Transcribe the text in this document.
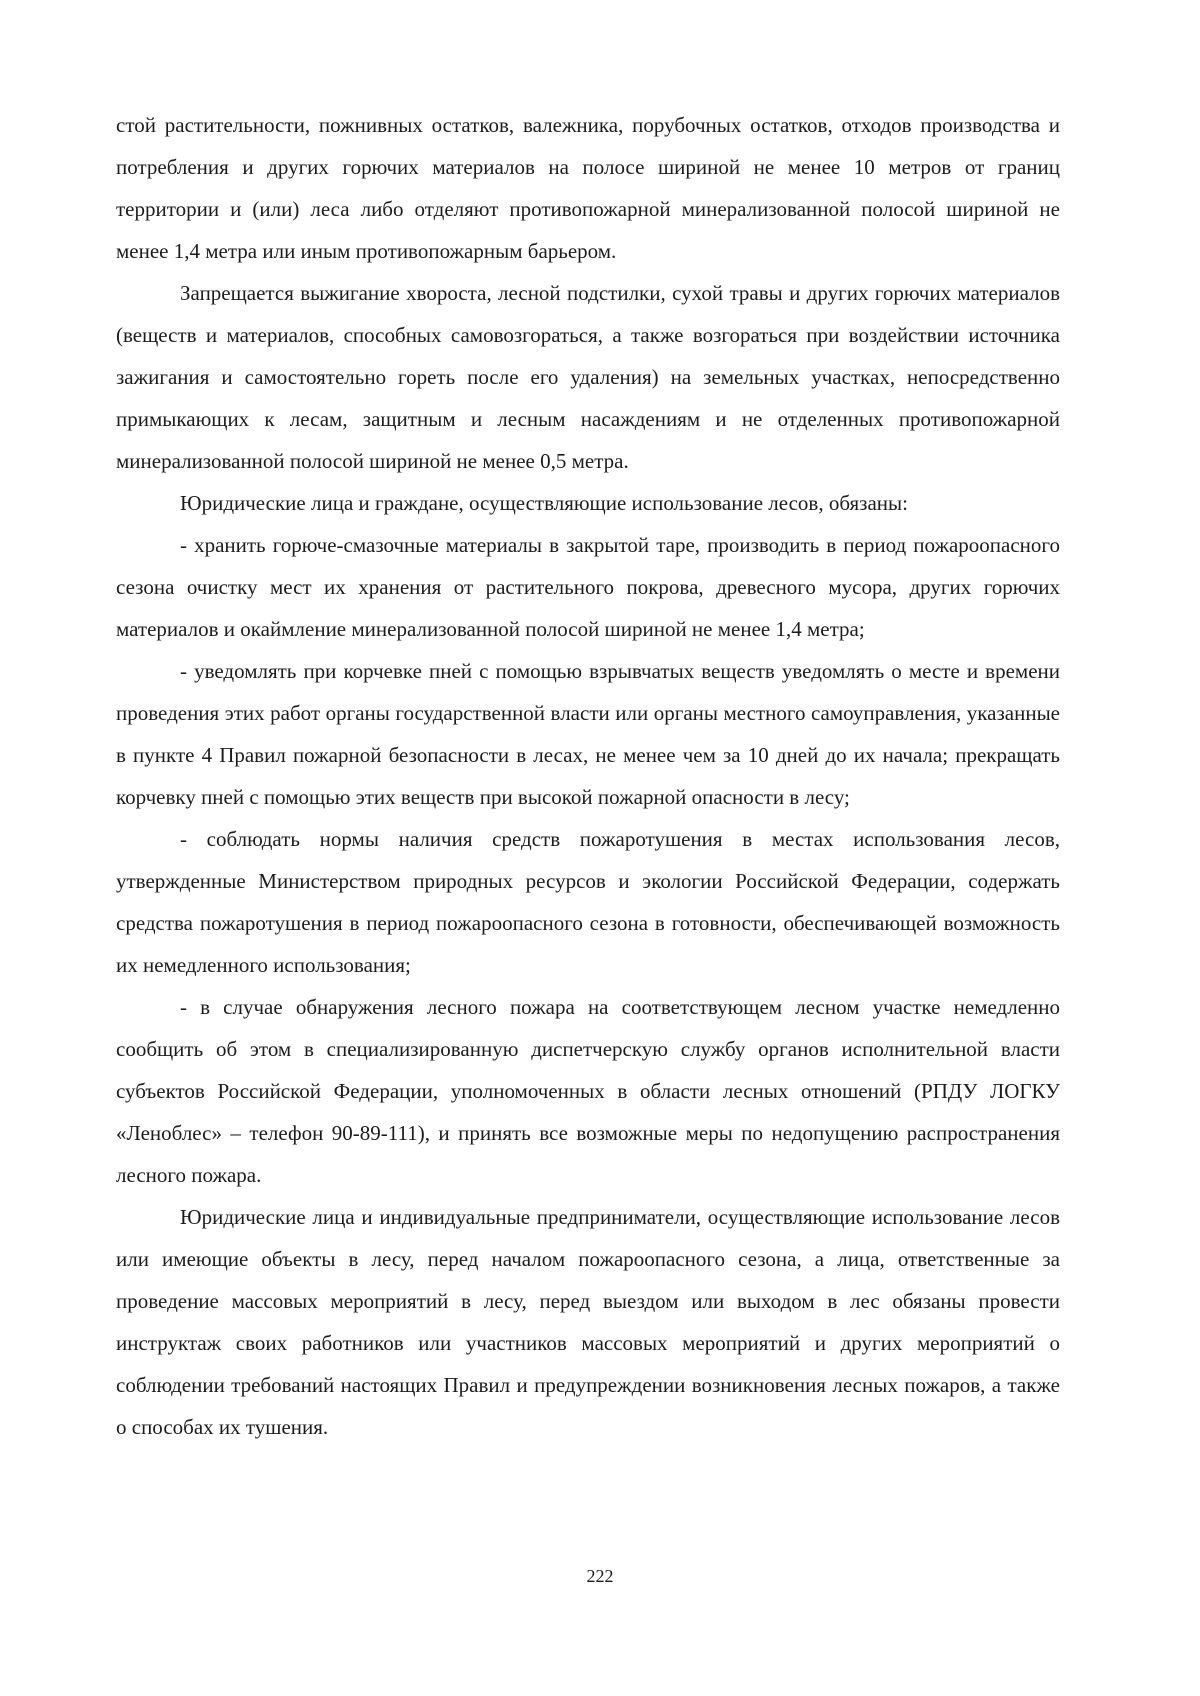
стой растительности, пожнивных остатков, валежника, порубочных остатков, отходов производства и потребления и других горючих материалов на полосе шириной не менее 10 метров от границ территории и (или) леса либо отделяют противопожарной минерализованной полосой шириной не менее 1,4 метра или иным противопожарным барьером.

Запрещается выжигание хвороста, лесной подстилки, сухой травы и других горючих материалов (веществ и материалов, способных самовозгораться, а также возгораться при воздействии источника зажигания и самостоятельно гореть после его удаления) на земельных участках, непосредственно примыкающих к лесам, защитным и лесным насаждениям и не отделенных противопожарной минерализованной полосой шириной не менее 0,5 метра.

Юридические лица и граждане, осуществляющие использование лесов, обязаны:

- хранить горюче-смазочные материалы в закрытой таре, производить в период пожароопасного сезона очистку мест их хранения от растительного покрова, древесного мусора, других горючих материалов и окаймление минерализованной полосой шириной не менее 1,4 метра;

- уведомлять при корчевке пней с помощью взрывчатых веществ уведомлять о месте и времени проведения этих работ органы государственной власти или органы местного самоуправления, указанные в пункте 4 Правил пожарной безопасности в лесах, не менее чем за 10 дней до их начала; прекращать корчевку пней с помощью этих веществ при высокой пожарной опасности в лесу;

- соблюдать нормы наличия средств пожаротушения в местах использования лесов, утвержденные Министерством природных ресурсов и экологии Российской Федерации, содержать средства пожаротушения в период пожароопасного сезона в готовности, обеспечивающей возможность их немедленного использования;

- в случае обнаружения лесного пожара на соответствующем лесном участке немедленно сообщить об этом в специализированную диспетчерскую службу органов исполнительной власти субъектов Российской Федерации, уполномоченных в области лесных отношений (РПДУ ЛОГКУ «Леноблес» – телефон 90-89-111), и принять все возможные меры по недопущению распространения лесного пожара.

Юридические лица и индивидуальные предприниматели, осуществляющие использование лесов или имеющие объекты в лесу, перед началом пожароопасного сезона, а лица, ответственные за проведение массовых мероприятий в лесу, перед выездом или выходом в лес обязаны провести инструктаж своих работников или участников массовых мероприятий и других мероприятий о соблюдении требований настоящих Правил и предупреждении возникновения лесных пожаров, а также о способах их тушения.

222
